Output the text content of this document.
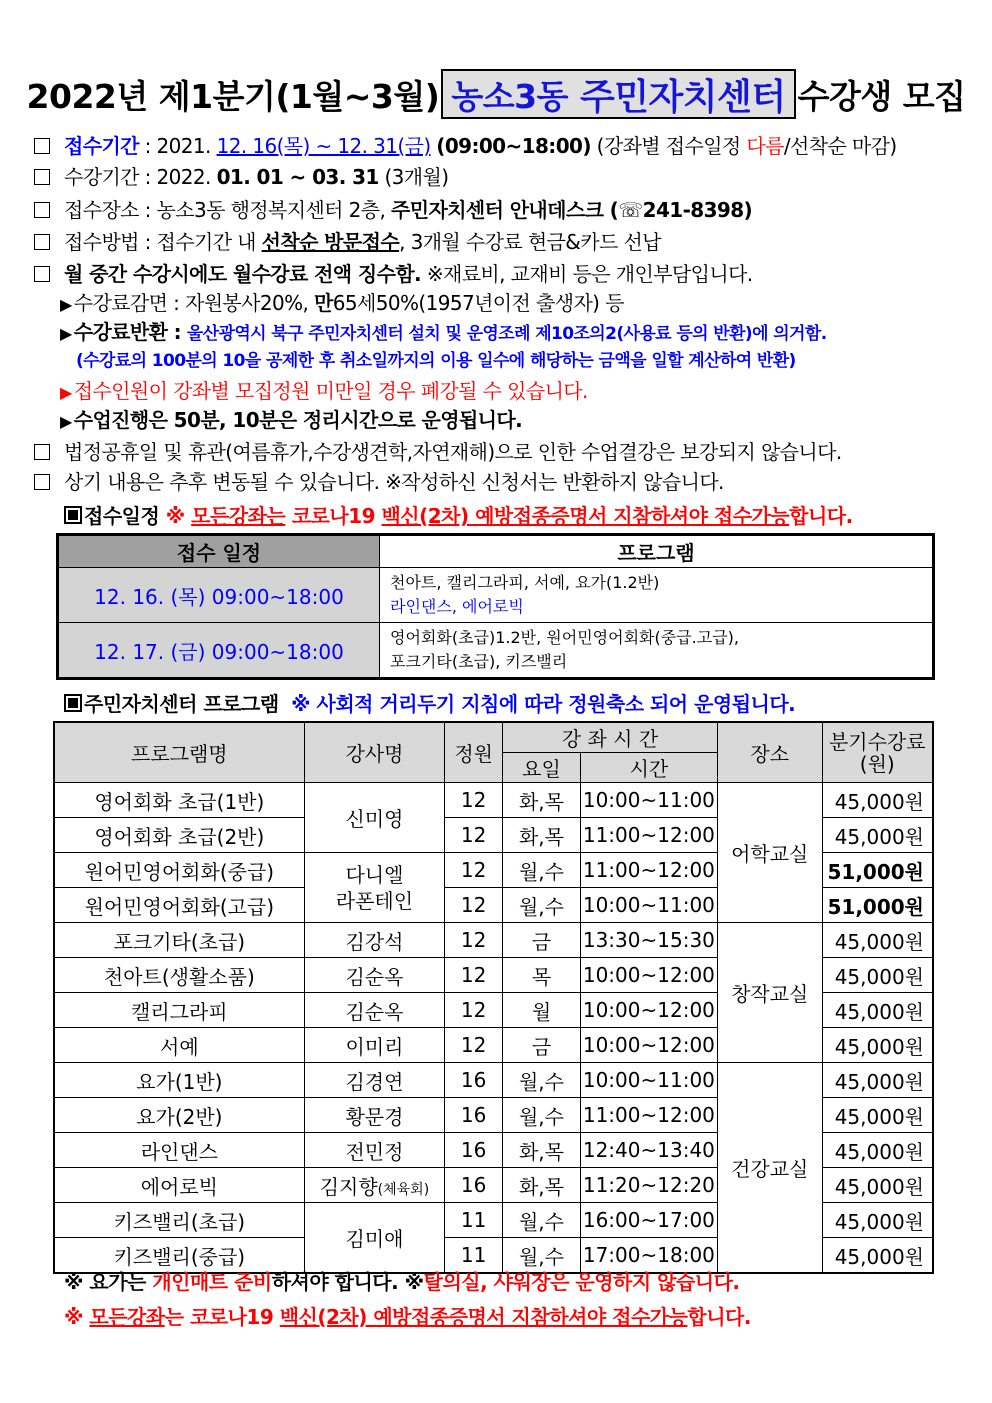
2022년 제1분기(1월~3월) 농소3동 주민자치센터 수강생 모집
접수기간 : 2021. 12. 16(목) ~ 12. 31(금) (09:00~18:00) (강좌별 접수일정 다름/선착순 마감)
수강기간 : 2022. 01. 01 ~ 03. 31 (3개월)
접수장소 : 농소3동 행정복지센터 2층, 주민자치센터 안내데스크 (☏241-8398)
접수방법 : 접수기간 내 선착순 방문접수, 3개월 수강료 현금&카드 선납
월 중간 수강시에도 월수강료 전액 징수함. ※재료비, 교재비 등은 개인부담입니다.
▶ 수강료감면 : 자원봉사20%, 만65세50%(1957년이전 출생자) 등
▶ 수강료반환 : 울산광역시 북구 주민자치센터 설치 및 운영조례 제10조의2(사용료 등의 반환)에 의거함.
(수강료의 100분의 10을 공제한 후 취소일까지의 이용 일수에 해당하는 금액을 일할 계산하여 반환)
▶ 접수인원이 강좌별 모집정원 미만일 경우 폐강될 수 있습니다.
▶ 수업진행은 50분, 10분은 정리시간으로 운영됩니다.
법정공휴일 및 휴관(여름휴가,수강생견학,자연재해)으로 인한 수업결강은 보강되지 않습니다.
상기 내용은 추후 변동될 수 있습니다. ※작성하신 신청서는 반환하지 않습니다.
접수일정 ※ 모든강좌는 코로나19 백신(2차) 예방접종증명서 지참하셔야 접수가능합니다.
접수 일정	프로그램
12. 16. (목) 09:00~18:00	천아트, 캘리그라피, 서예, 요가(1.2반)
라인댄스, 에어로빅

12. 17. (금) 09:00~18:00	영어회화(초급)1.2반, 원어민영어회화(중급.고급),
포크기타(초급), 키즈밸리
주민자치센터 프로그램 ※ 사회적 거리두기 지침에 따라 정원축소 되어 운영됩니다.
프로그램명	강사명	정원	강 좌 시 간		장소	분기수강료
(원)

			요일	시간		
영어회화 초급(1반)	신미영	12	화,목	10:00~11:00	어학교실	45,000원
영어회화 초급(2반)		12	화,목	11:00~12:00		45,000원
원어민영어회화(중급)	다니엘
라폰테인	12	월,수	11:00~12:00		51,000원
원어민영어회화(고급)		12	월,수	10:00~11:00		51,000원
포크기타(초급)	김강석	12	금	13:30~15:30	창작교실	45,000원
천아트(생활소품)	김순옥	12	목	10:00~12:00		45,000원
캘리그라피	김순옥	12	월	10:00~12:00		45,000원
서예	이미리	12	금	10:00~12:00		45,000원
요가(1반)	김경연	16	월,수	10:00~11:00	건강교실	45,000원
요가(2반)	황문경	16	월,수	11:00~12:00		45,000원
라인댄스	전민정	16	화,목	12:40~13:40		45,000원
에어로빅	김지향(체육회)	16	화,목	11:20~12:20		45,000원
키즈밸리(초급)	김미애	11	월,수	16:00~17:00		45,000원
키즈밸리(중급)		11	월,수	17:00~18:00		45,000원
※ 요가는 개인매트 준비하셔야 합니다. ※탈의실, 샤워장은 운영하지 않습니다.
※ 모든강좌는 코로나19 백신(2차) 예방접종증명서 지참하셔야 접수가능합니다.
